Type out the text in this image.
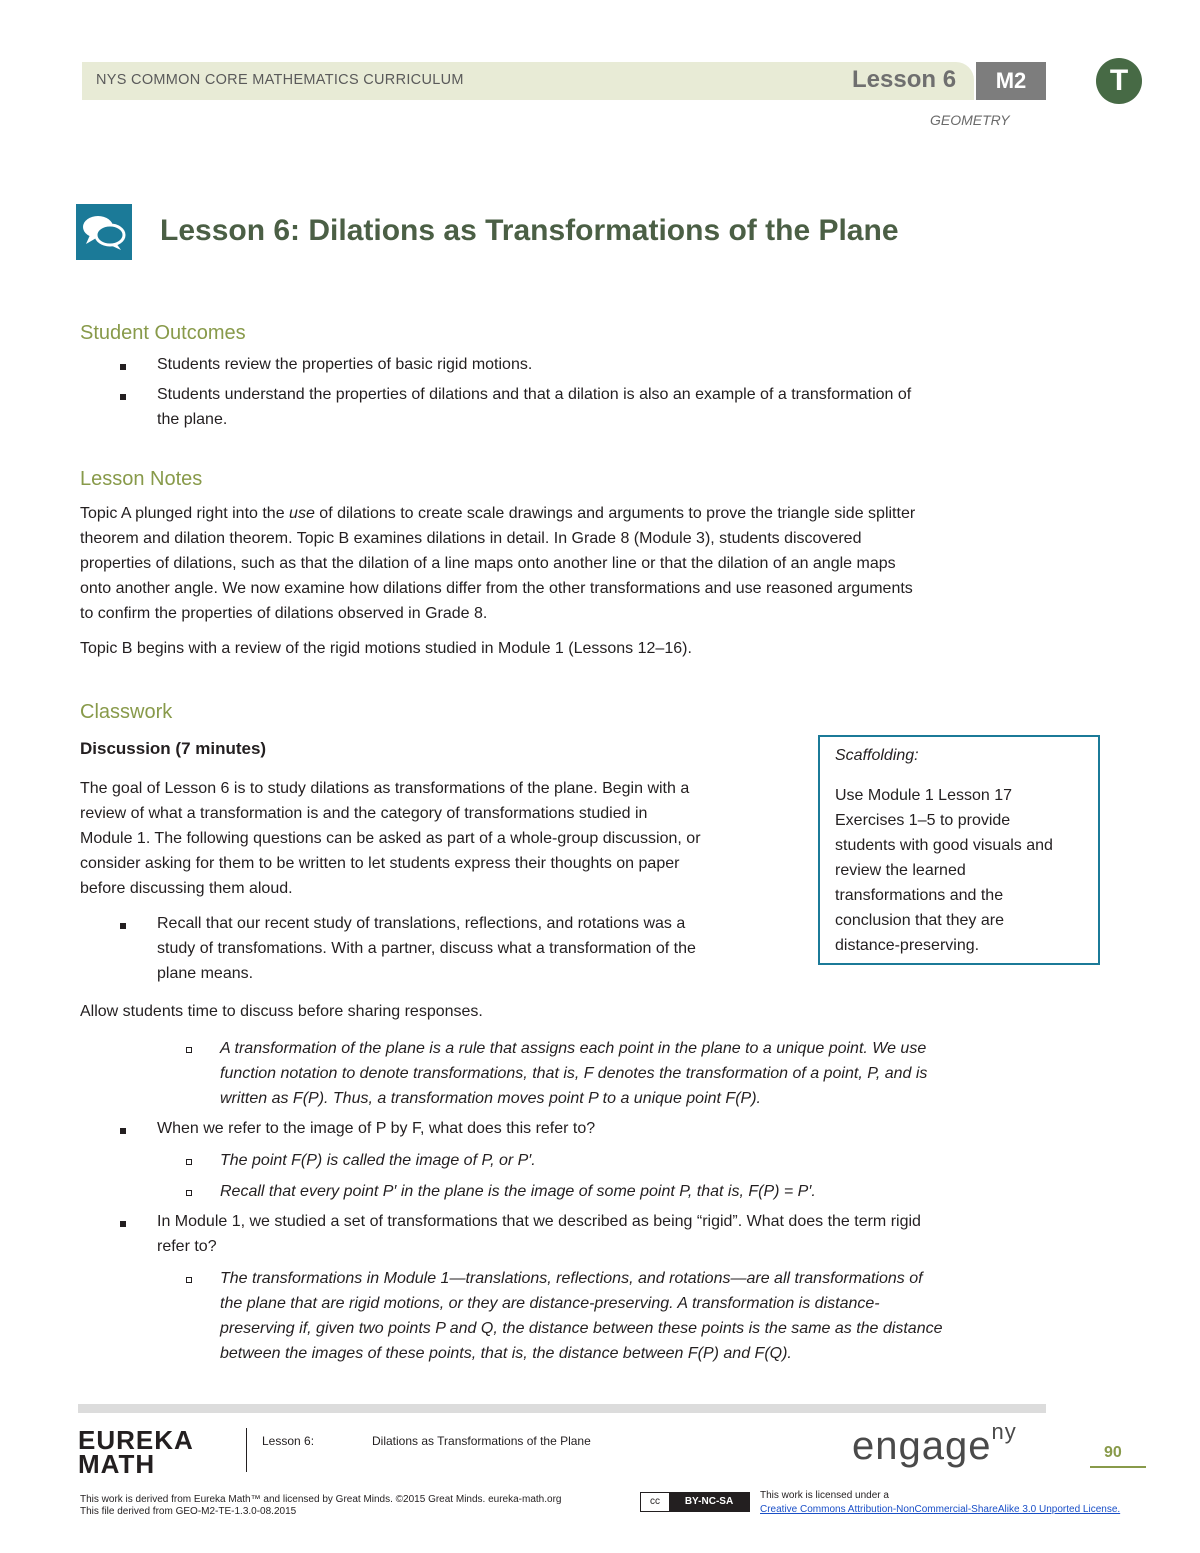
NYS COMMON CORE MATHEMATICS CURRICULUM	Lesson 6	M2	T
GEOMETRY
Lesson 6: Dilations as Transformations of the Plane
Student Outcomes
Students review the properties of basic rigid motions.
Students understand the properties of dilations and that a dilation is also an example of a transformation of
the plane.
Lesson Notes
Topic A plunged right into the use of dilations to create scale drawings and arguments to prove the triangle side splitter
theorem and dilation theorem. Topic B examines dilations in detail. In Grade 8 (Module 3), students discovered
properties of dilations, such as that the dilation of a line maps onto another line or that the dilation of an angle maps
onto another angle. We now examine how dilations differ from the other transformations and use reasoned arguments
to confirm the properties of dilations observed in Grade 8.
Topic B begins with a review of the rigid motions studied in Module 1 (Lessons 12–16).
Classwork
Discussion (7 minutes)
The goal of Lesson 6 is to study dilations as transformations of the plane. Begin with a
review of what a transformation is and the category of transformations studied in
Module 1. The following questions can be asked as part of a whole-group discussion, or
consider asking for them to be written to let students express their thoughts on paper
before discussing them aloud.
Recall that our recent study of translations, reflections, and rotations was a
study of transfomations. With a partner, discuss what a transformation of the
plane means.
Allow students time to discuss before sharing responses.
A transformation of the plane is a rule that assigns each point in the plane to a unique point. We use
function notation to denote transformations, that is, F denotes the transformation of a point, P, and is
written as F(P). Thus, a transformation moves point P to a unique point F(P).
When we refer to the image of P by F, what does this refer to?
The point F(P) is called the image of P, or P′.
Recall that every point P′ in the plane is the image of some point P, that is, F(P) = P′.
In Module 1, we studied a set of transformations that we described as being “rigid”. What does the term rigid
refer to?
The transformations in Module 1—translations, reflections, and rotations—are all transformations of
the plane that are rigid motions, or they are distance-preserving. A transformation is distance-
preserving if, given two points P and Q, the distance between these points is the same as the distance
between the images of these points, that is, the distance between F(P) and F(Q).
Scaffolding:
Use Module 1 Lesson 17
Exercises 1–5 to provide
students with good visuals and
review the learned
transformations and the
conclusion that they are
distance-preserving.
EUREKA
MATH
Lesson 6:	Dilations as Transformations of the Plane	engage$^{ny}$
90
This work is derived from Eureka Math™ and licensed by Great Minds. ©2015 Great Minds. eureka-math.org
This file derived from GEO-M2-TE-1.3.0-08.2015
cc	BY-NC-SA
This work is licensed under a
Creative Commons Attribution-NonCommercial-ShareAlike 3.0 Unported License.
